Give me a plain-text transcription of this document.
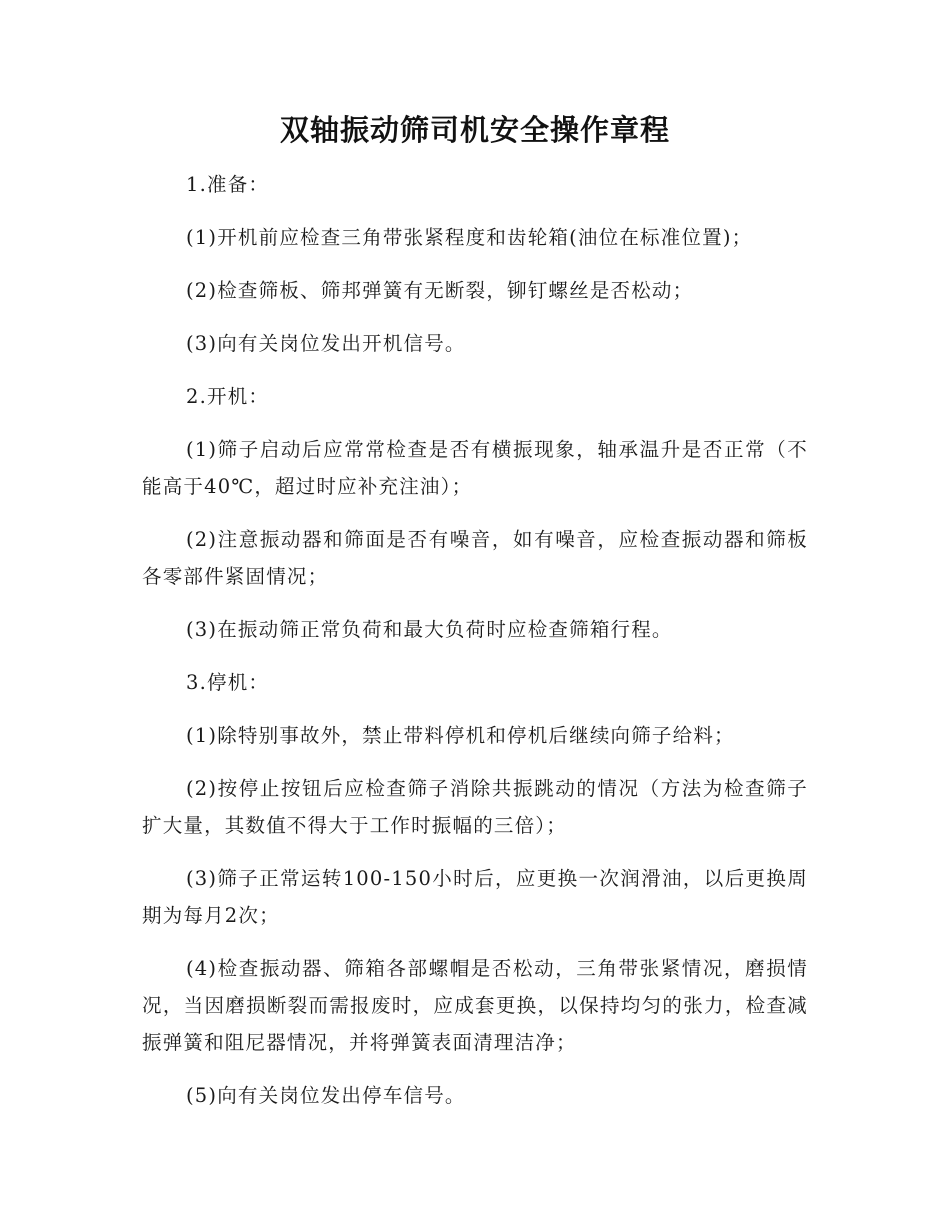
双轴振动筛司机安全操作章程

1.准备：

(1)开机前应检查三角带张紧程度和齿轮箱(油位在标准位置)；

(2)检查筛板、筛邦弹簧有无断裂，铆钉螺丝是否松动；

(3)向有关岗位发出开机信号。

2.开机：

(1)筛子启动后应常常检查是否有横振现象，轴承温升是否正常（不能高于40℃，超过时应补充注油）；

(2)注意振动器和筛面是否有噪音，如有噪音，应检查振动器和筛板各零部件紧固情况；

(3)在振动筛正常负荷和最大负荷时应检查筛箱行程。

3.停机：

(1)除特别事故外，禁止带料停机和停机后继续向筛子给料；

(2)按停止按钮后应检查筛子消除共振跳动的情况（方法为检查筛子扩大量，其数值不得大于工作时振幅的三倍）；

(3)筛子正常运转100-150小时后，应更换一次润滑油，以后更换周期为每月2次；

(4)检查振动器、筛箱各部螺帽是否松动，三角带张紧情况，磨损情况，当因磨损断裂而需报废时，应成套更换，以保持均匀的张力，检查减振弹簧和阻尼器情况，并将弹簧表面清理洁净；

(5)向有关岗位发出停车信号。
